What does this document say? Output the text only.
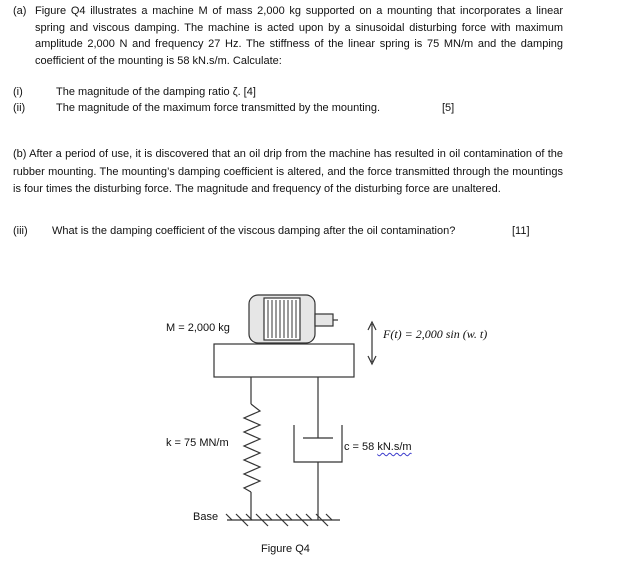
(a) Figure Q4 illustrates a machine M of mass 2,000 kg supported on a mounting that incorporates a linear spring and viscous damping. The machine is acted upon by a sinusoidal disturbing force with maximum amplitude 2,000 N and frequency 27 Hz. The stiffness of the linear spring is 75 MN/m and the damping coefficient of the mounting is 58 kN.s/m. Calculate:
(i)	The magnitude of the damping ratio ζ. [4]
(ii)	The magnitude of the maximum force transmitted by the mounting.	[5]
(b) After a period of use, it is discovered that an oil drip from the machine has resulted in oil contamination of the rubber mounting. The mounting’s damping coefficient is altered, and the force transmitted through the mountings is four times the disturbing force. The magnitude and frequency of the disturbing force are unaltered.
(iii) What is the damping coefficient of the viscous damping after the oil contamination?	[11]
M = 2,000 kg	F(t) = 2,000 sin (w. t)
k = 75 MN/m	c = 58 kN.s/m
Base
Figure Q4
